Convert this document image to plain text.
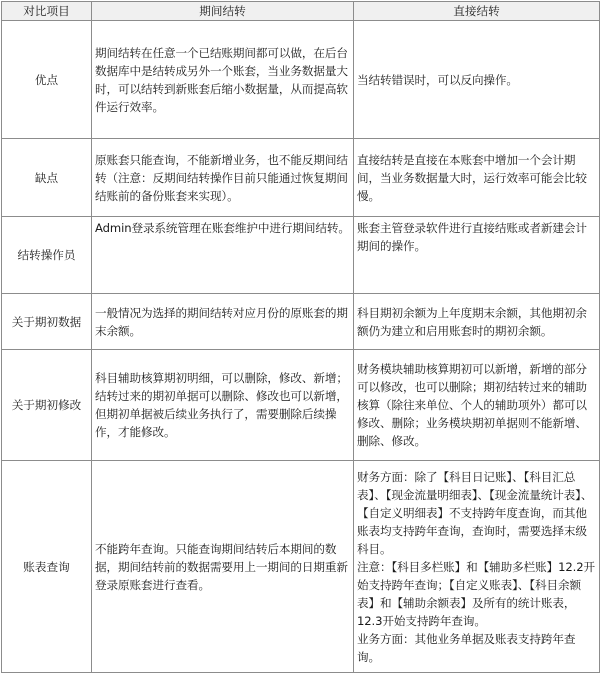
对比项目	期间结转	直接结转
优点	期间结转在任意一个已结账期间都可以做，在后台数据库中是结转成另外一个账套，当业务数据量大时，可以结转到新账套后缩小数据量，从而提高软件运行效率。	当结转错误时，可以反向操作。
缺点	原账套只能查询，不能新增业务，也不能反期间结转（注意：反期间结转操作目前只能通过恢复期间结账前的备份账套来实现）。	直接结转是直接在本账套中增加一个会计期间，当业务数据量大时，运行效率可能会比较慢。
结转操作员	Admin登录系统管理在账套维护中进行期间结转。	账套主管登录软件进行直接结账或者新建会计期间的操作。
关于期初数据	一般情况为选择的期间结转对应月份的原账套的期末余额。	科目期初余额为上年度期末余额，其他期初余额仍为建立和启用账套时的期初余额。
关于期初修改	科目辅助核算期初明细，可以删除，修改、新增；结转过来的期初单据可以删除、修改也可以新增，但期初单据被后续业务执行了，需要删除后续操作，才能修改。	财务模块辅助核算期初可以新增，新增的部分可以修改，也可以删除；期初结转过来的辅助核算（除往来单位、个人的辅助项外）都可以修改、删除；业务模块期初单据则不能新增、删除、修改。
账表查询	不能跨年查询。只能查询期间结转后本期间的数据，期间结转前的数据需要用上一期间的日期重新登录原账套进行查看。	财务方面：除了【科目日记账】、【科目汇总表】、【现金流量明细表】、【现金流量统计表】、【自定义明细表】不支持跨年度查询，而其他账表均支持跨年查询，查询时，需要选择末级科目。
注意：【科目多栏账】和【辅助多栏账】12.2开始支持跨年查询；【自定义账表】、【科目余额表】和【辅助余额表】及所有的统计账表，12.3开始支持跨年查询。
业务方面：其他业务单据及账表支持跨年查询。
